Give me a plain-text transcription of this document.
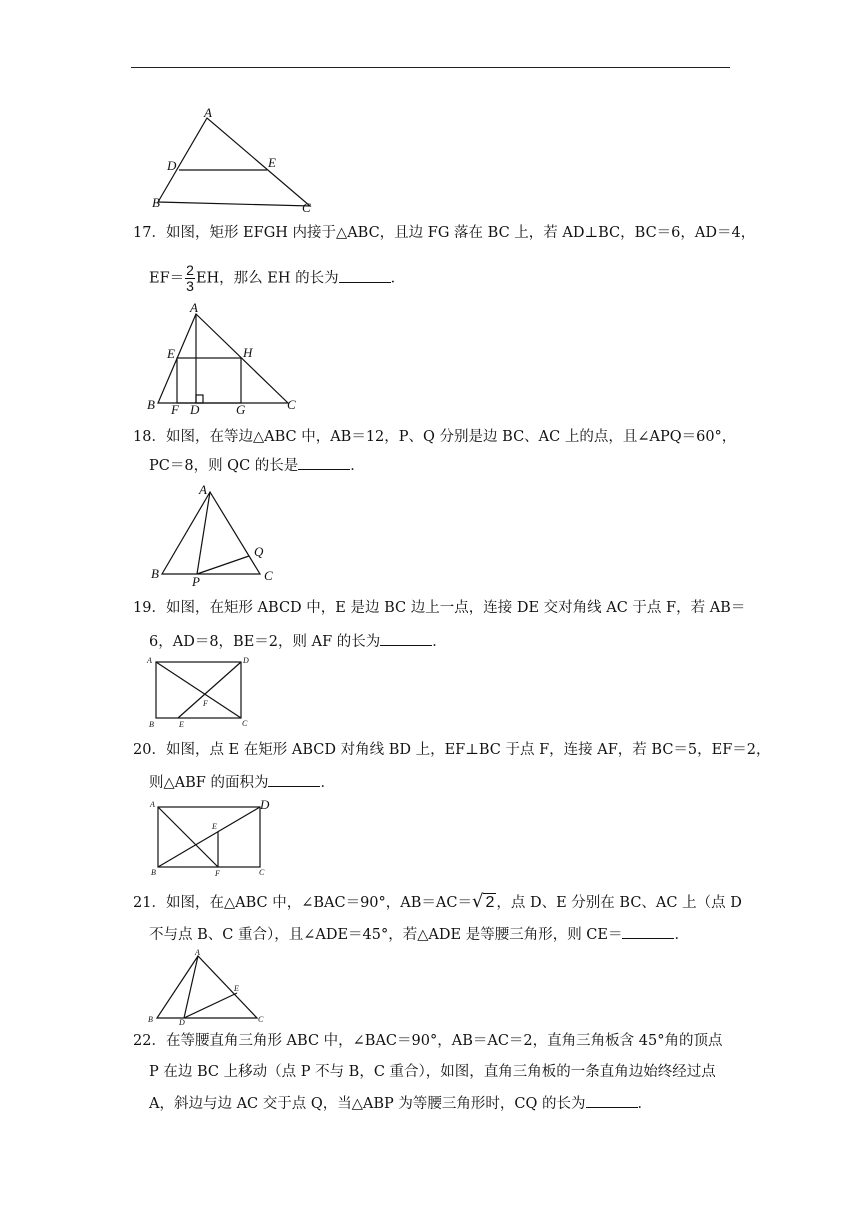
A
D	E
B	C
17．如图，矩形 EFGH 内接于△ABC，且边 FG 落在 BC 上，若 AD⊥BC，BC＝6，AD＝4，
$EF= \frac{2}{3}$ EH，那么 EH 的长为	．
A
E	H
B F D	G	C
18．如图，在等边△ABC 中，AB＝12，P、Q 分别是边 BC、AC 上的点，且∠APQ＝60°，
PC＝8，则 QC 的长是	．
A
Q
B
P	C
19．如图，在矩形 ABCD 中，E 是边 BC 边上一点，连接 DE 交对角线 AC 于点 F，若 AB＝
6，AD＝8，BE＝2，则 AF 的长为	．
A	D
F
B	E	C
20．如图，点 E 在矩形 ABCD 对角线 BD 上，EF⊥BC 于点 F，连接 AF，若 BC＝5，EF＝2，
则△ABF 的面积为	．
A	D
E
B	F	C
21．如图，在△ABC 中，∠BAC＝90°，AB＝AC＝√ 2 ，点 D、E 分别在 BC、AC 上（点 D
不与点 B、C 重合），且∠ADE＝45°，若△ADE 是等腰三角形，则 CE＝	．
A
E
B	D	C
22．在等腰直角三角形 ABC 中，∠BAC＝90°，AB＝AC＝2，直角三角板含 45°角的顶点
P 在边 BC 上移动（点 P 不与 B，C 重合），如图，直角三角板的一条直角边始终经过点
A，斜边与边 AC 交于点 Q，当△ABP 为等腰三角形时，CQ 的长为	．
